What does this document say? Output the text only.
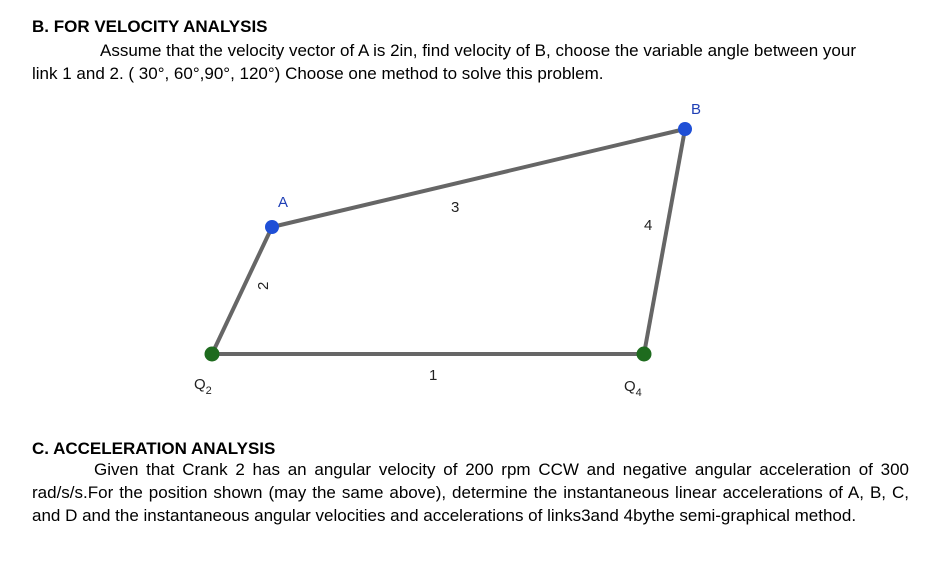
B. FOR VELOCITY ANALYSIS
Assume that the velocity vector of A is 2in, find velocity of B, choose the variable angle between your
link 1 and 2. ( 30°, 60°,90°, 120°) Choose one method to solve this problem.
A
B
1
2
3
4
$Q_2$	$Q_4$
C. ACCELERATION ANALYSIS
Given that Crank 2 has an angular velocity of 200 rpm CCW and negative angular acceleration of 300 rad/s/s.For the position shown (may the same above), determine the instantaneous linear accelerations of A, B, C, and D and the instantaneous angular velocities and accelerations of links3and 4bythe semi-graphical method.
